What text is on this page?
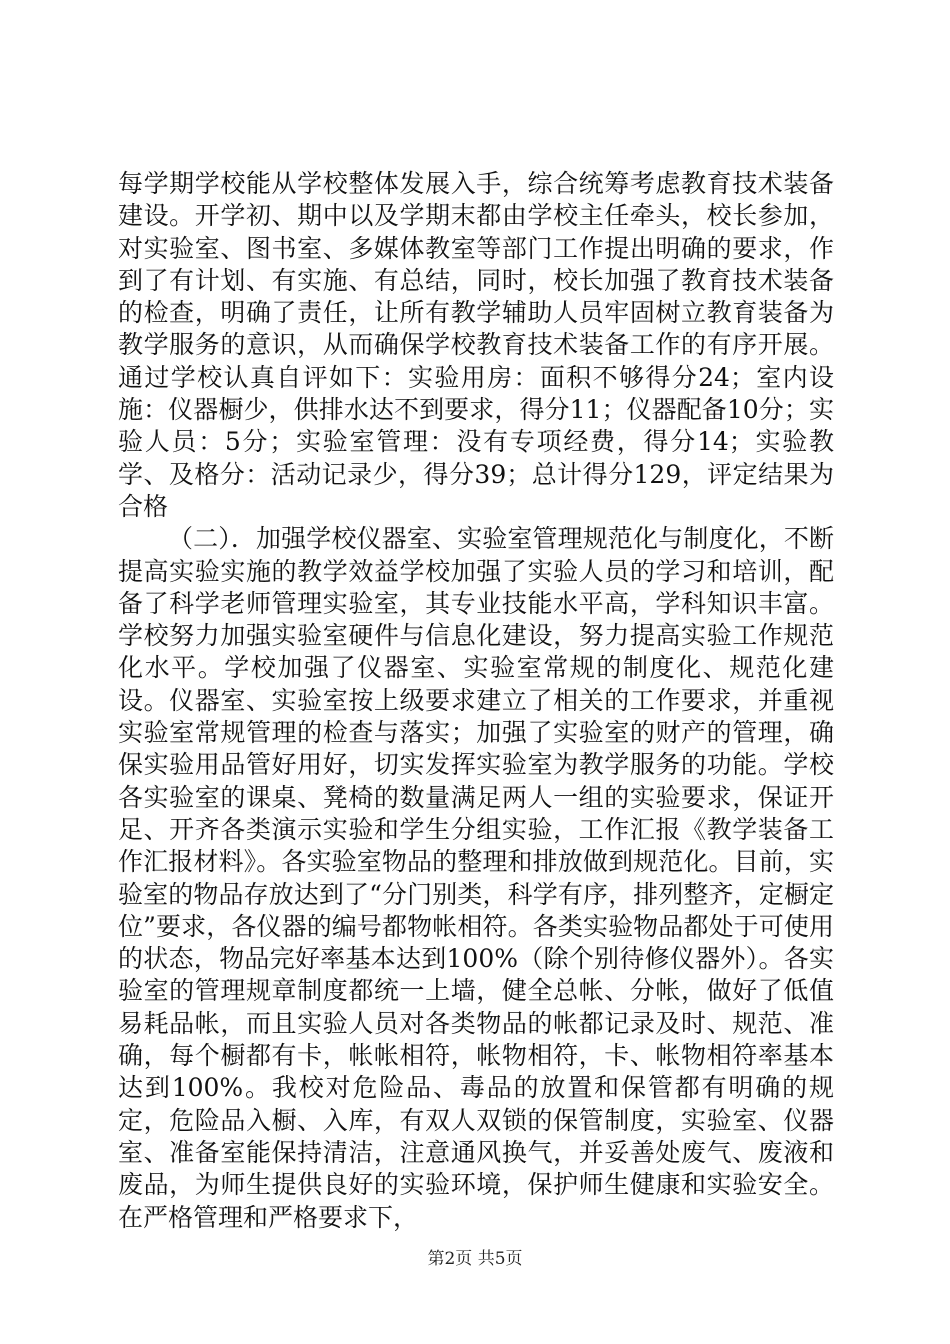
每学期学校能从学校整体发展入手，综合统筹考虑教育技术装备建设。开学初、期中以及学期末都由学校主任牵头，校长参加，对实验室、图书室、多媒体教室等部门工作提出明确的要求，作到了有计划、有实施、有总结，同时，校长加强了教育技术装备的检查，明确了责任，让所有教学辅助人员牢固树立教育装备为教学服务的意识，从而确保学校教育技术装备工作的有序开展。通过学校认真自评如下：实验用房：面积不够得分24；室内设施：仪器橱少，供排水达不到要求，得分11；仪器配备10分；实验人员：5分；实验室管理：没有专项经费，得分14；实验教学、及格分：活动记录少，得分39；总计得分129，评定结果为合格

（二）．加强学校仪器室、实验室管理规范化与制度化，不断提高实验实施的教学效益学校加强了实验人员的学习和培训，配备了科学老师管理实验室，其专业技能水平高，学科知识丰富。学校努力加强实验室硬件与信息化建设，努力提高实验工作规范化水平。学校加强了仪器室、实验室常规的制度化、规范化建设。仪器室、实验室按上级要求建立了相关的工作要求，并重视实验室常规管理的检查与落实；加强了实验室的财产的管理，确保实验用品管好用好，切实发挥实验室为教学服务的功能。学校各实验室的课桌、凳椅的数量满足两人一组的实验要求，保证开足、开齐各类演示实验和学生分组实验，工作汇报《教学装备工作汇报材料》。各实验室物品的整理和排放做到规范化。目前，实验室的物品存放达到了“分门别类，科学有序，排列整齐，定橱定位”要求，各仪器的编号都物帐相符。各类实验物品都处于可使用的状态，物品完好率基本达到100%（除个别待修仪器外）。各实验室的管理规章制度都统一上墙，健全总帐、分帐，做好了低值易耗品帐，而且实验人员对各类物品的帐都记录及时、规范、准确，每个橱都有卡，帐帐相符，帐物相符，卡、帐物相符率基本达到100%。我校对危险品、毒品的放置和保管都有明确的规定，危险品入橱、入库，有双人双锁的保管制度，实验室、仪器室、准备室能保持清洁，注意通风换气，并妥善处废气、废液和废品，为师生提供良好的实验环境，保护师生健康和实验安全。在严格管理和严格要求下，

第2页 共5页
